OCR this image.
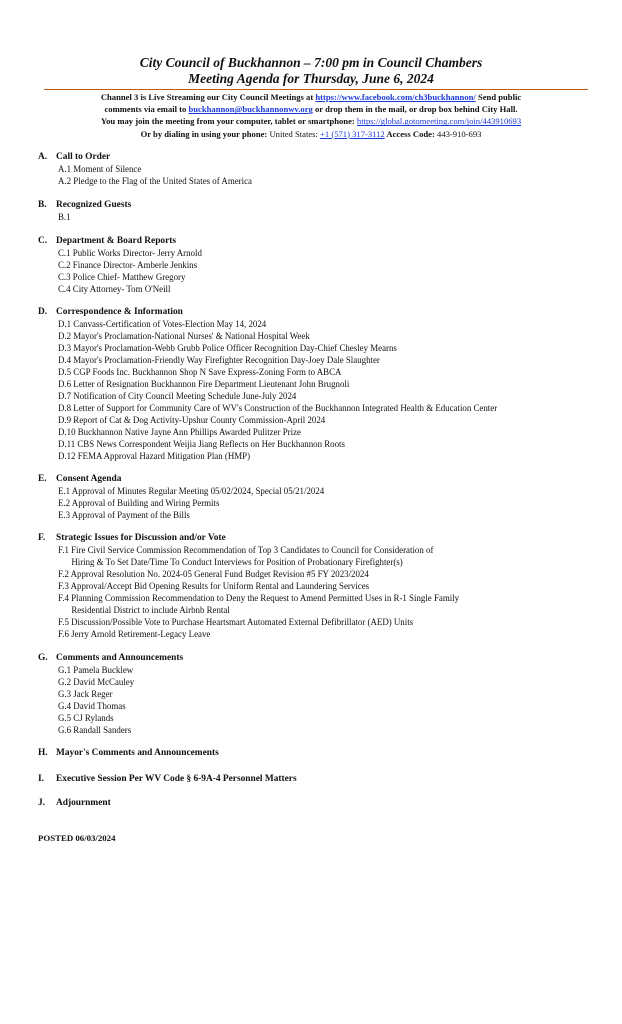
City Council of Buckhannon – 7:00 pm in Council Chambers
Meeting Agenda for Thursday, June 6, 2024
Channel 3 is Live Streaming our City Council Meetings at https://www.facebook.com/ch3buckhannon/ Send public
comments via email to buckhannon@buckhannonwv.org or drop them in the mail, or drop box behind City Hall.
You may join the meeting from your computer, tablet or smartphone: https://global.gotomeeting.com/join/443910693
Or by dialing in using your phone: United States: +1 (571) 317-3112 Access Code: 443-910-693
A. Call to Order
A.1 Moment of Silence
A.2 Pledge to the Flag of the United States of America
B. Recognized Guests
B.1
C. Department & Board Reports
C.1 Public Works Director- Jerry Arnold
C.2 Finance Director- Amberle Jenkins
C.3 Police Chief- Matthew Gregory
C.4 City Attorney- Tom O'Neill
D. Correspondence & Information
D.1 Canvass-Certification of Votes-Election May 14, 2024
D.2 Mayor's Proclamation-National Nurses' & National Hospital Week
D.3 Mayor's Proclamation-Webb Grubb Police Officer Recognition Day-Chief Chesley Mearns
D.4 Mayor's Proclamation-Friendly Way Firefighter Recognition Day-Joey Dale Slaughter
D.5 CGP Foods Inc. Buckhannon Shop N Save Express-Zoning Form to ABCA
D.6 Letter of Resignation Buckhannon Fire Department Lieutenant John Brugnoli
D.7 Notification of City Council Meeting Schedule June-July 2024
D.8 Letter of Support for Community Care of WV's Construction of the Buckhannon Integrated Health & Education Center
D.9 Report of Cat & Dog Activity-Upshur County Commission-April 2024
D.10 Buckhannon Native Jayne Ann Phillips Awarded Pulitzer Prize
D.11 CBS News Correspondent Weijia Jiang Reflects on Her Buckhannon Roots
D.12 FEMA Approval Hazard Mitigation Plan (HMP)
E. Consent Agenda
E.1 Approval of Minutes Regular Meeting 05/02/2024, Special 05/21/2024
E.2 Approval of Building and Wiring Permits
E.3 Approval of Payment of the Bills
F. Strategic Issues for Discussion and/or Vote
F.1 Fire Civil Service Commission Recommendation of Top 3 Candidates to Council for Consideration of
Hiring & To Set Date/Time To Conduct Interviews for Position of Probationary Firefighter(s)
F.2 Approval Resolution No. 2024-05 General Fund Budget Revision #5 FY 2023/2024
F.3 Approval/Accept Bid Opening Results for Uniform Rental and Laundering Services
F.4 Planning Commission Recommendation to Deny the Request to Amend Permitted Uses in R-1 Single Family
Residential District to include Airbnb Rental
F.5 Discussion/Possible Vote to Purchase Heartsmart Automated External Defibrillator (AED) Units
F.6 Jerry Arnold Retirement-Legacy Leave
G. Comments and Announcements
G.1 Pamela Bucklew
G.2 David McCauley
G.3 Jack Reger
G.4 David Thomas
G.5 CJ Rylands
G.6 Randall Sanders
H. Mayor's Comments and Announcements
I. Executive Session Per WV Code § 6-9A-4 Personnel Matters
J. Adjournment
POSTED 06/03/2024
